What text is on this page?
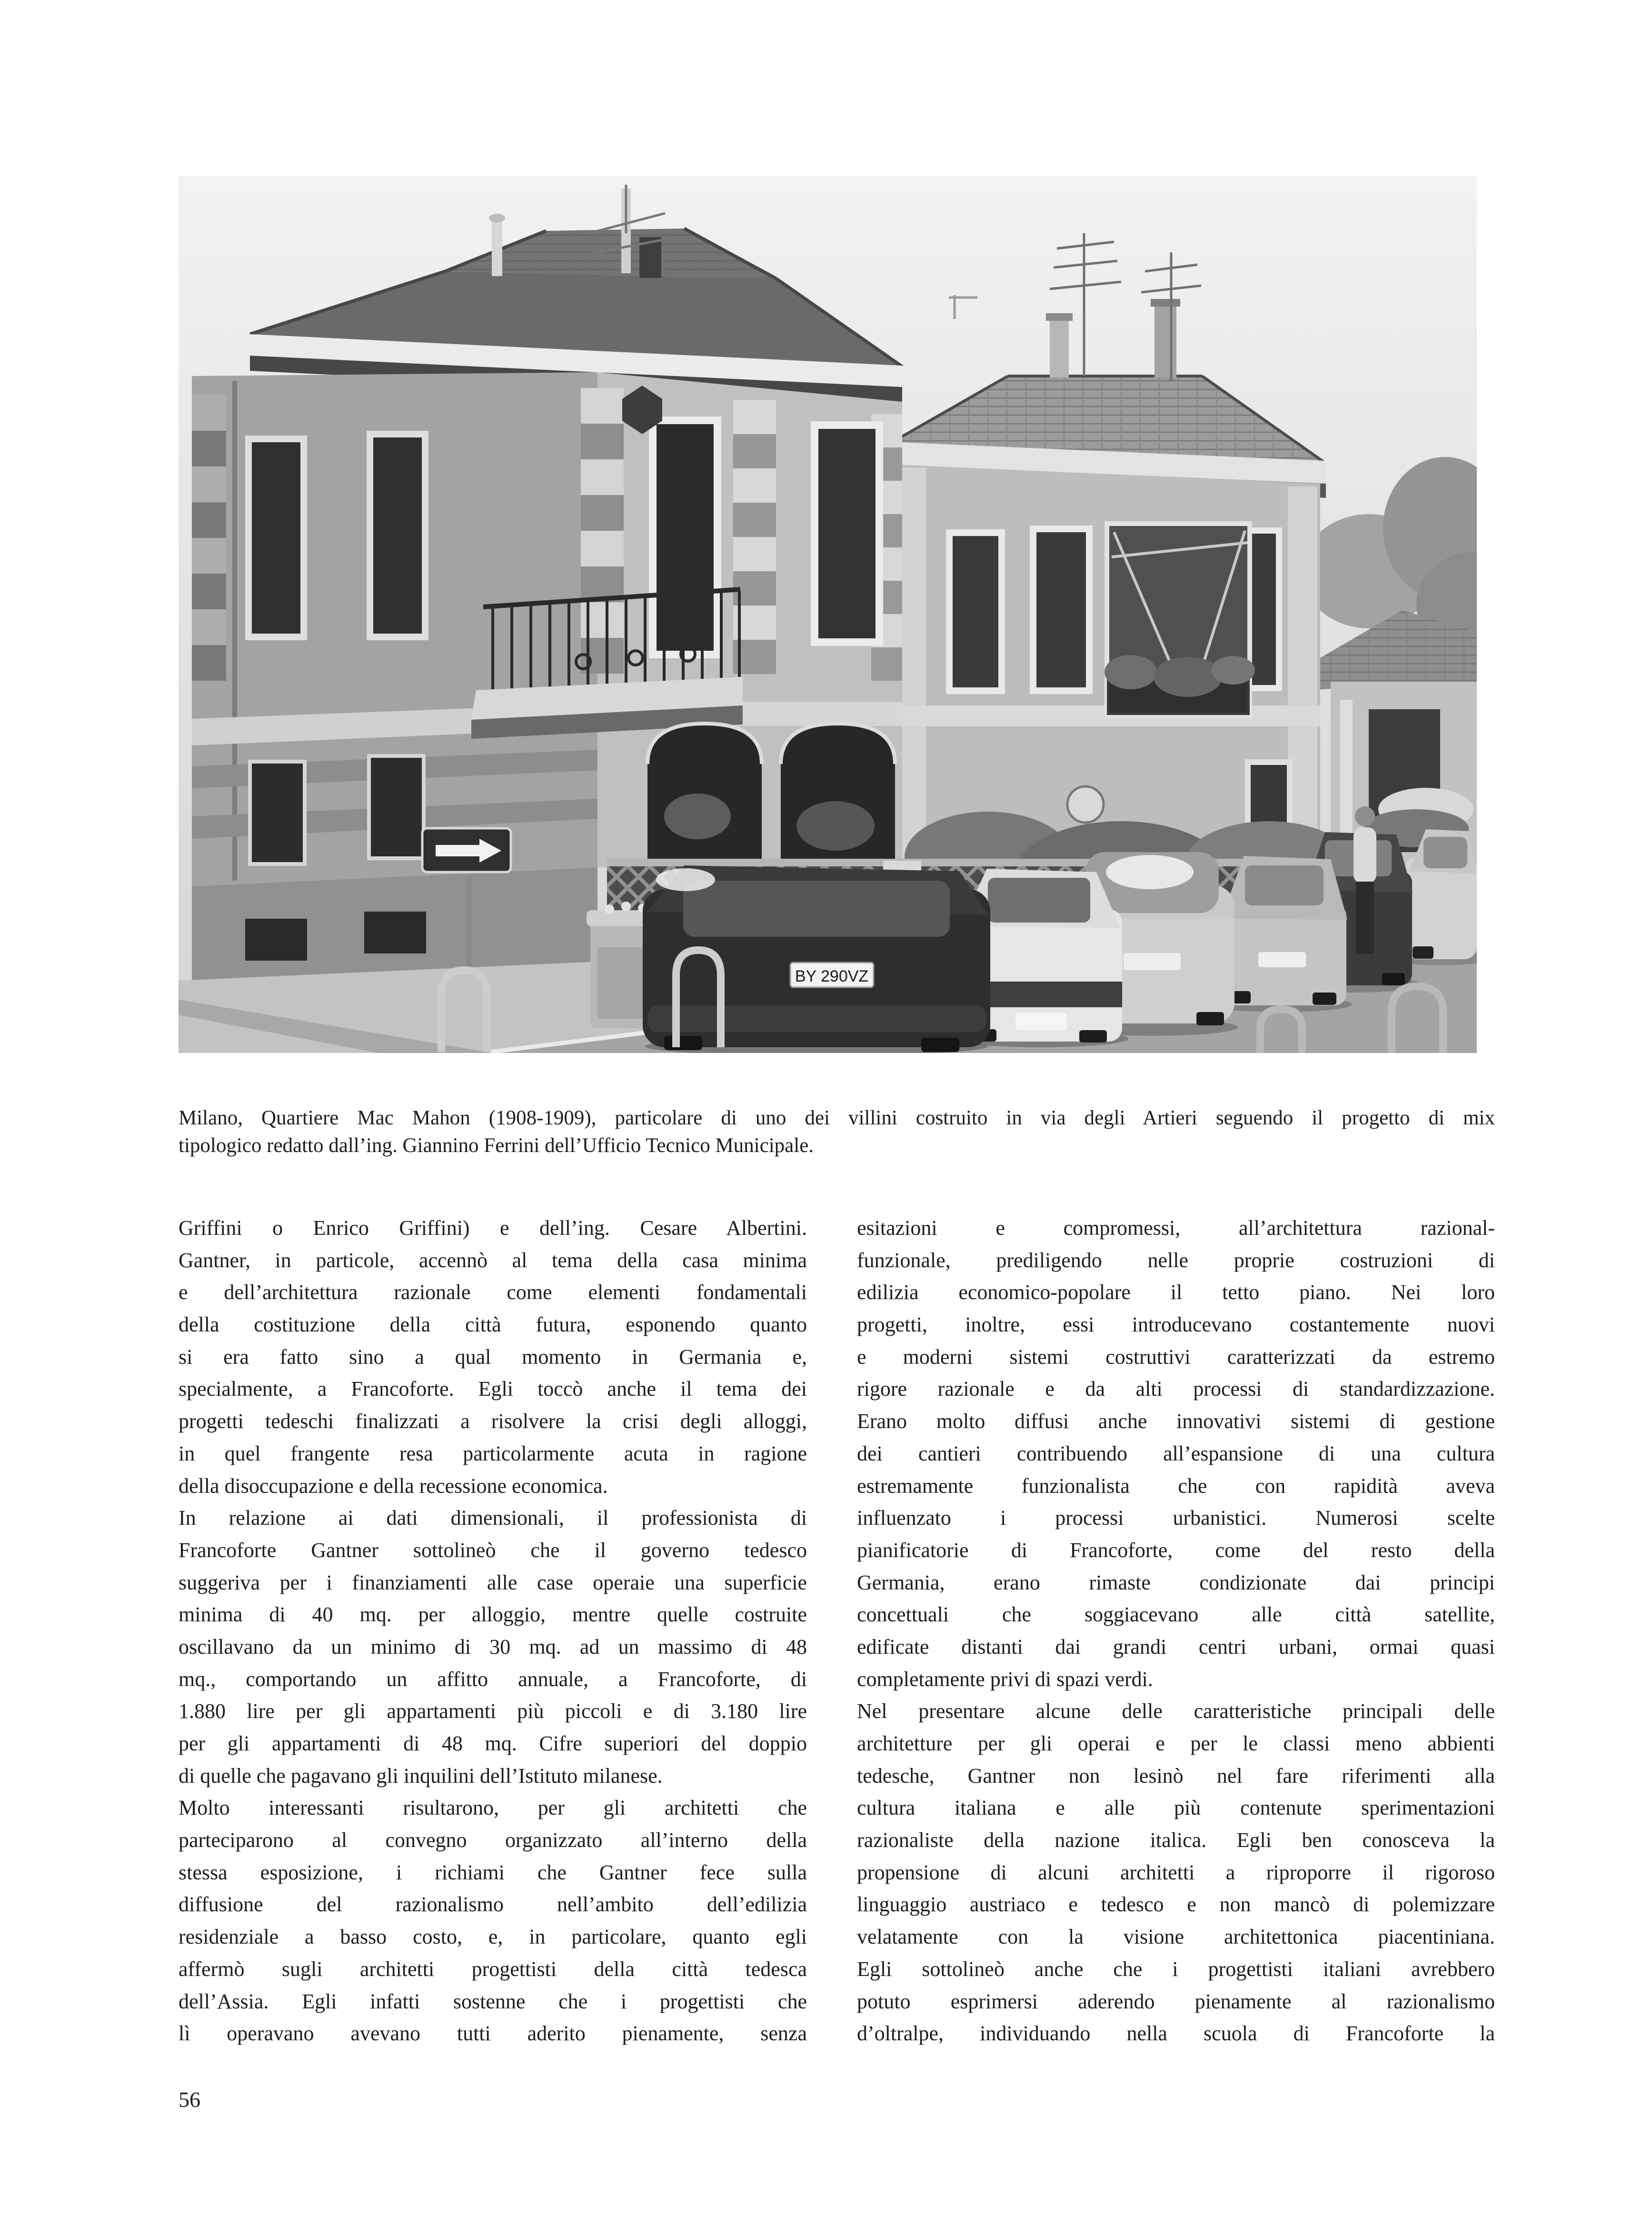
BY 290VZ
Milano, Quartiere Mac Mahon (1908-1909), particolare di uno dei villini costruito in via degli Artieri seguendo il progetto di mix
tipologico redatto dall’ing. Giannino Ferrini dell’Ufficio Tecnico Municipale.
Griffini o Enrico Griffini) e dell’ing. Cesare Albertini.
Gantner, in particole, accennò al tema della casa minima
e dell’architettura razionale come elementi fondamentali
della costituzione della città futura, esponendo quanto
si era fatto sino a qual momento in Germania e,
specialmente, a Francoforte. Egli toccò anche il tema dei
progetti tedeschi finalizzati a risolvere la crisi degli alloggi,
in quel frangente resa particolarmente acuta in ragione
della disoccupazione e della recessione economica.
In relazione ai dati dimensionali, il professionista di
Francoforte Gantner sottolineò che il governo tedesco
suggeriva per i finanziamenti alle case operaie una superficie
minima di 40 mq. per alloggio, mentre quelle costruite
oscillavano da un minimo di 30 mq. ad un massimo di 48
mq., comportando un affitto annuale, a Francoforte, di
1.880 lire per gli appartamenti più piccoli e di 3.180 lire
per gli appartamenti di 48 mq. Cifre superiori del doppio
di quelle che pagavano gli inquilini dell’Istituto milanese.
Molto interessanti risultarono, per gli architetti che
parteciparono al convegno organizzato all’interno della
stessa esposizione, i richiami che Gantner fece sulla
diffusione del razionalismo nell’ambito dell’edilizia
residenziale a basso costo, e, in particolare, quanto egli
affermò sugli architetti progettisti della città tedesca
dell’Assia. Egli infatti sostenne che i progettisti che
lì operavano avevano tutti aderito pienamente, senza
esitazioni e compromessi, all’architettura razional-
funzionale, prediligendo nelle proprie costruzioni di
edilizia economico-popolare il tetto piano. Nei loro
progetti, inoltre, essi introducevano costantemente nuovi
e moderni sistemi costruttivi caratterizzati da estremo
rigore razionale e da alti processi di standardizzazione.
Erano molto diffusi anche innovativi sistemi di gestione
dei cantieri contribuendo all’espansione di una cultura
estremamente funzionalista che con rapidità aveva
influenzato i processi urbanistici. Numerosi scelte
pianificatorie di Francoforte, come del resto della
Germania, erano rimaste condizionate dai principi
concettuali che soggiacevano alle città satellite,
edificate distanti dai grandi centri urbani, ormai quasi
completamente privi di spazi verdi.
Nel presentare alcune delle caratteristiche principali delle
architetture per gli operai e per le classi meno abbienti
tedesche, Gantner non lesinò nel fare riferimenti alla
cultura italiana e alle più contenute sperimentazioni
razionaliste della nazione italica. Egli ben conosceva la
propensione di alcuni architetti a riproporre il rigoroso
linguaggio austriaco e tedesco e non mancò di polemizzare
velatamente con la visione architettonica piacentiniana.
Egli sottolineò anche che i progettisti italiani avrebbero
potuto esprimersi aderendo pienamente al razionalismo
d’oltralpe, individuando nella scuola di Francoforte la
56
